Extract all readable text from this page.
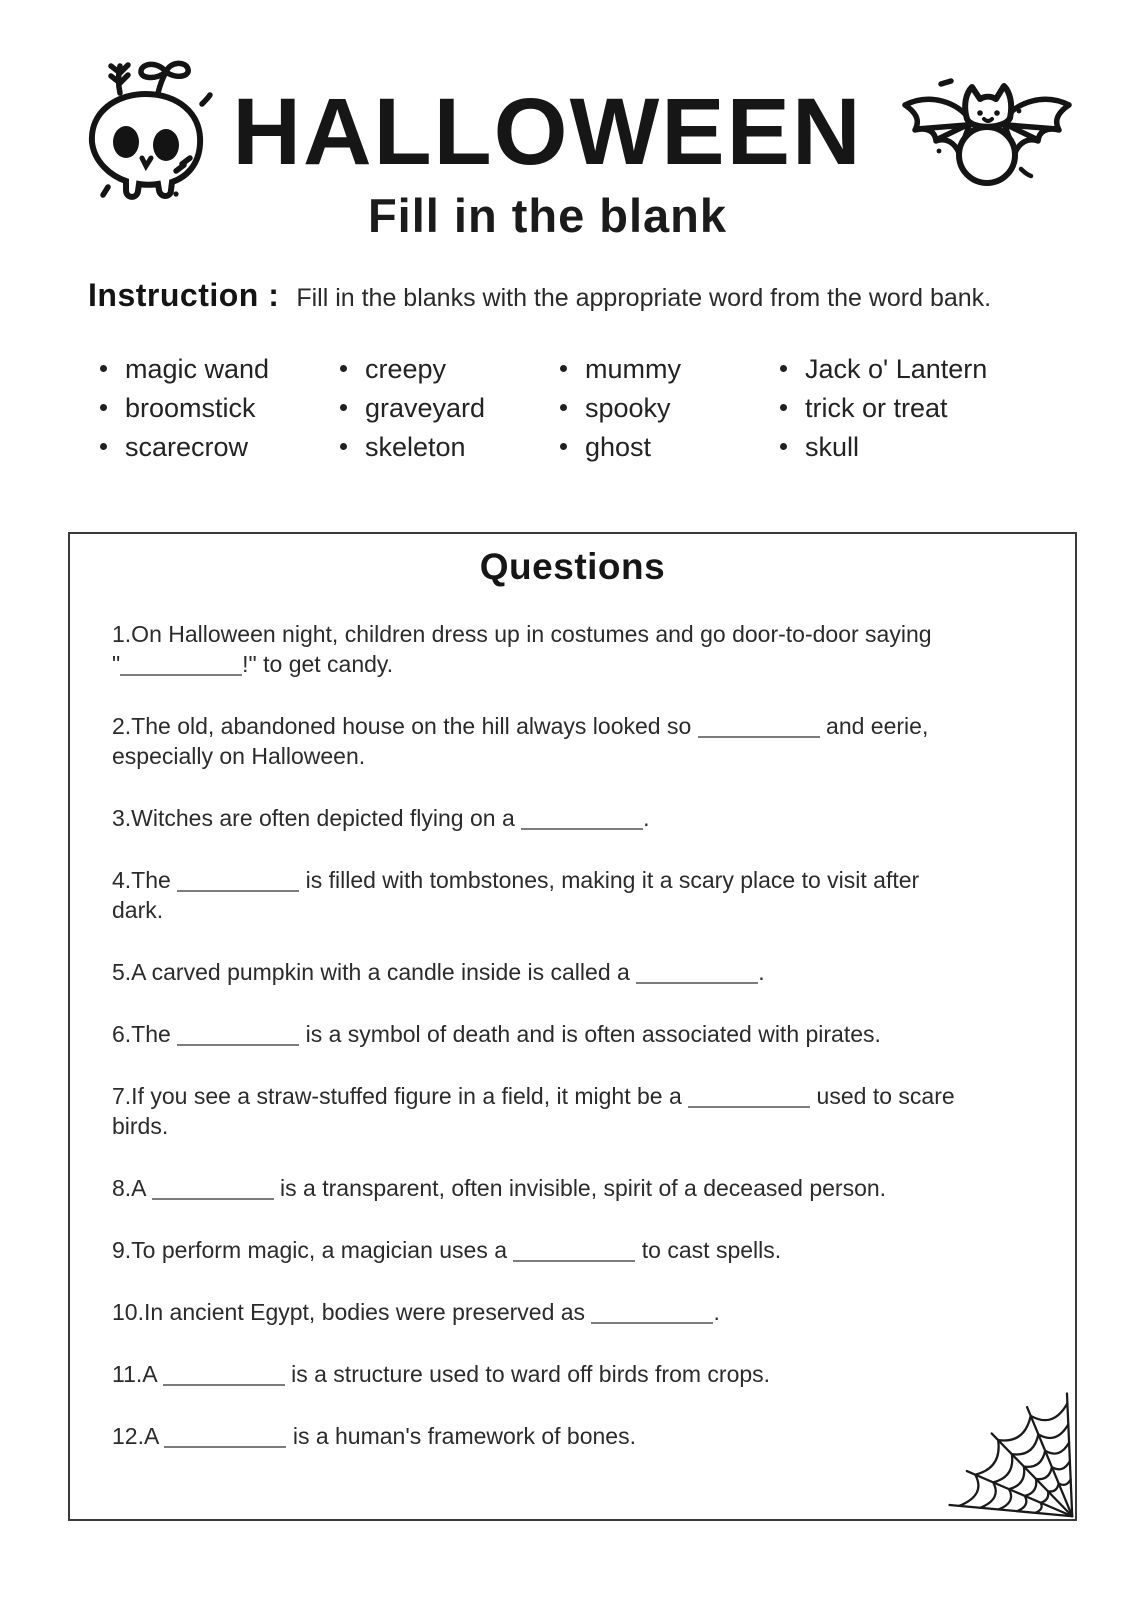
HALLOWEEN
Fill in the blank

Instruction : Fill in the blanks with the appropriate word from the word bank.

magic wand
broomstick
scarecrow
creepy
graveyard
skeleton
mummy
spooky
ghost
Jack o' Lantern
trick or treat
skull
Questions

1.On Halloween night, children dress up in costumes and go door-to-door saying
"	!" to get candy.

2.The old, abandoned house on the hill always looked so	and eerie,
especially on Halloween.

3.Witches are often depicted flying on a	.

4.The	is filled with tombstones, making it a scary place to visit after
dark.

5.A carved pumpkin with a candle inside is called a	.

6.The	is a symbol of death and is often associated with pirates.

7.If you see a straw-stuffed figure in a field, it might be a	used to scare
birds.

8.A	is a transparent, often invisible, spirit of a deceased person.

9.To perform magic, a magician uses a	to cast spells.

10.In ancient Egypt, bodies were preserved as	.

11.A	is a structure used to ward off birds from crops.

12.A	is a human's framework of bones.
